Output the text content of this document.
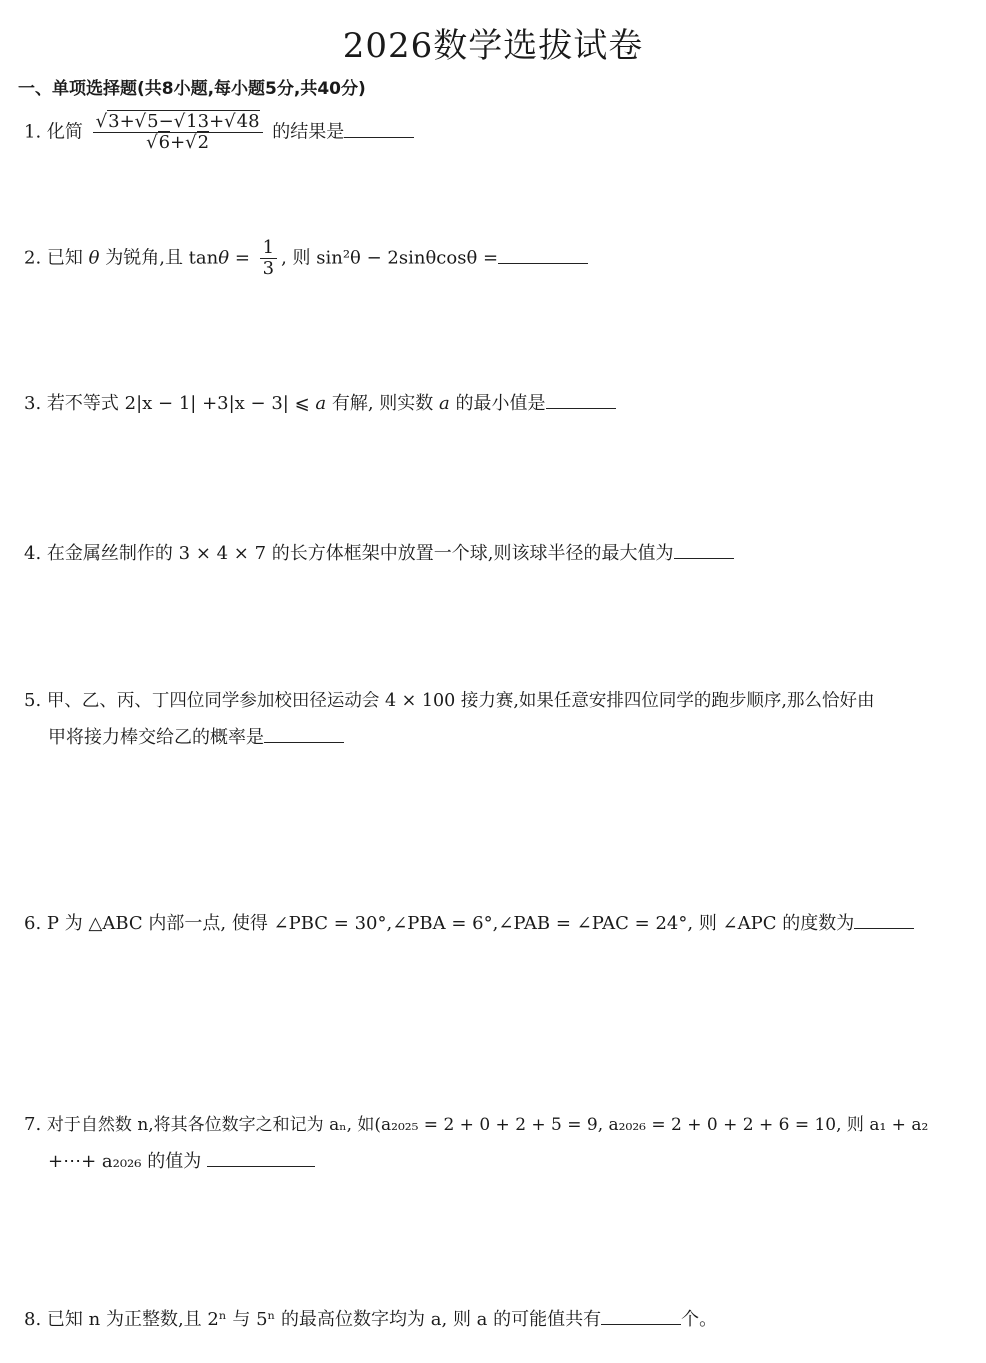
2026数学选拔试卷
一、单项选择题(共8小题,每小题5分,共40分)
1. 化简 $\frac{√3+√5-√13+√48}{√6+√2}$ 的结果是
2. 已知 θ 为锐角,且 $\tan\theta = \frac{1}{3}$ , 则 sin²θ − 2sinθcosθ =
3. 若不等式 2|x − 1| +3|x − 3| ⩽ a 有解, 则实数 a 的最小值是
4. 在金属丝制作的 3 × 4 × 7 的长方体框架中放置一个球,则该球半径的最大值为
5. 甲、乙、丙、丁四位同学参加校田径运动会 4 × 100 接力赛,如果任意安排四位同学的跑步顺序,那么恰好由
甲将接力棒交给乙的概率是
6. P 为 △ABC 内部一点, 使得 ∠PBC = 30°,∠PBA = 6°,∠PAB = ∠PAC = 24°, 则 ∠APC 的度数为
7. 对于自然数 n,将其各位数字之和记为 aₙ, 如(a₂₀₂₅ = 2 + 0 + 2 + 5 = 9, a₂₀₂₆ = 2 + 0 + 2 + 6 = 10, 则 a₁ + a₂
+⋯+ a₂₀₂₆ 的值为
8. 已知 n 为正整数,且 2ⁿ 与 5ⁿ 的最高位数字均为 a, 则 a 的可能值共有	个。
